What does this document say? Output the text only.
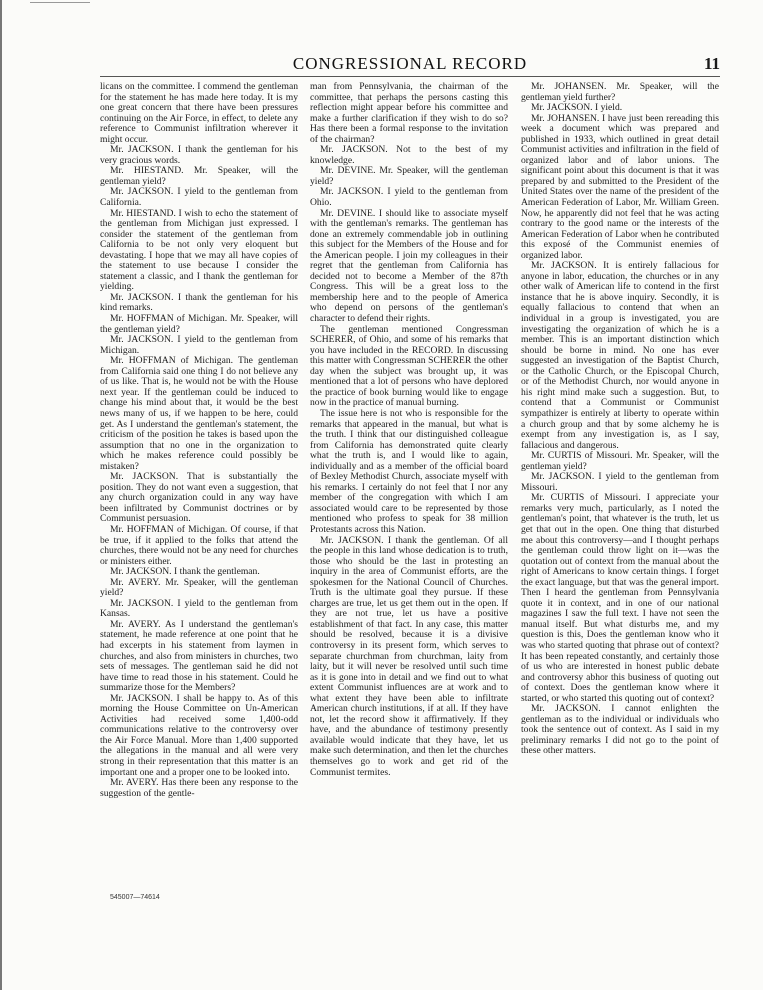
CONGRESSIONAL RECORD	11

licans on the committee. I commend the gentleman for the statement he has made here today. It is my one great concern that there have been pressures continuing on the Air Force, in effect, to delete any reference to Communist infiltration wherever it might occur.

Mr. JACKSON. I thank the gentleman for his very gracious words.

Mr. HIESTAND. Mr. Speaker, will the gentleman yield?

Mr. JACKSON. I yield to the gentleman from California.

Mr. HIESTAND. I wish to echo the statement of the gentleman from Michigan just expressed. I consider the statement of the gentleman from California to be not only very eloquent but devastating. I hope that we may all have copies of the statement to use because I consider the statement a classic, and I thank the gentleman for yielding.

Mr. JACKSON. I thank the gentleman for his kind remarks.

Mr. HOFFMAN of Michigan. Mr. Speaker, will the gentleman yield?

Mr. JACKSON. I yield to the gentleman from Michigan.

Mr. HOFFMAN of Michigan. The gentleman from California said one thing I do not believe any of us like. That is, he would not be with the House next year. If the gentleman could be induced to change his mind about that, it would be the best news many of us, if we happen to be here, could get. As I understand the gentleman's statement, the criticism of the position he takes is based upon the assumption that no one in the organization to which he makes reference could possibly be mistaken?

Mr. JACKSON. That is substantially the position. They do not want even a suggestion, that any church organization could in any way have been infiltrated by Communist doctrines or by Communist persuasion.

Mr. HOFFMAN of Michigan. Of course, if that be true, if it applied to the folks that attend the churches, there would not be any need for churches or ministers either.

Mr. JACKSON. I thank the gentleman.

Mr. AVERY. Mr. Speaker, will the gentleman yield?

Mr. JACKSON. I yield to the gentleman from Kansas.

Mr. AVERY. As I understand the gentleman's statement, he made reference at one point that he had excerpts in his statement from laymen in churches, and also from ministers in churches, two sets of messages. The gentleman said he did not have time to read those in his statement. Could he summarize those for the Members?

Mr. JACKSON. I shall be happy to. As of this morning the House Committee on Un-American Activities had received some 1,400-odd communications relative to the controversy over the Air Force Manual. More than 1,400 supported the allegations in the manual and all were very strong in their representation that this matter is an important one and a proper one to be looked into.

Mr. AVERY. Has there been any response to the suggestion of the gentle-

man from Pennsylvania, the chairman of the committee, that perhaps the persons casting this reflection might appear before his committee and make a further clarification if they wish to do so? Has there been a formal response to the invitation of the chairman?

Mr. JACKSON. Not to the best of my knowledge.

Mr. DEVINE. Mr. Speaker, will the gentleman yield?

Mr. JACKSON. I yield to the gentleman from Ohio.

Mr. DEVINE. I should like to associate myself with the gentleman's remarks. The gentleman has done an extremely commendable job in outlining this subject for the Members of the House and for the American people. I join my colleagues in their regret that the gentleman from California has decided not to become a Member of the 87th Congress. This will be a great loss to the membership here and to the people of America who depend on persons of the gentleman's character to defend their rights.

The gentleman mentioned Congressman SCHERER, of Ohio, and some of his remarks that you have included in the RECORD. In discussing this matter with Congressman SCHERER the other day when the subject was brought up, it was mentioned that a lot of persons who have deplored the practice of book burning would like to engage now in the practice of manual burning.

The issue here is not who is responsible for the remarks that appeared in the manual, but what is the truth. I think that our distinguished colleague from California has demonstrated quite clearly what the truth is, and I would like to again, individually and as a member of the official board of Bexley Methodist Church, associate myself with his remarks. I certainly do not feel that I nor any member of the congregation with which I am associated would care to be represented by those mentioned who profess to speak for 38 million Protestants across this Nation.

Mr. JACKSON. I thank the gentleman. Of all the people in this land whose dedication is to truth, those who should be the last in protesting an inquiry in the area of Communist efforts, are the spokesmen for the National Council of Churches. Truth is the ultimate goal they pursue. If these charges are true, let us get them out in the open. If they are not true, let us have a positive establishment of that fact. In any case, this matter should be resolved, because it is a divisive controversy in its present form, which serves to separate churchman from churchman, laity from laity, but it will never be resolved until such time as it is gone into in detail and we find out to what extent Communist influences are at work and to what extent they have been able to infiltrate American church institutions, if at all. If they have not, let the record show it affirmatively. If they have, and the abundance of testimony presently available would indicate that they have, let us make such determination, and then let the churches themselves go to work and get rid of the Communist termites.

Mr. JOHANSEN. Mr. Speaker, will the gentleman yield further?

Mr. JACKSON. I yield.

Mr. JOHANSEN. I have just been rereading this week a document which was prepared and published in 1933, which outlined in great detail Communist activities and infiltration in the field of organized labor and of labor unions. The significant point about this document is that it was prepared by and submitted to the President of the United States over the name of the president of the American Federation of Labor, Mr. William Green. Now, he apparently did not feel that he was acting contrary to the good name or the interests of the American Federation of Labor when he contributed this exposé of the Communist enemies of organized labor.

Mr. JACKSON. It is entirely fallacious for anyone in labor, education, the churches or in any other walk of American life to contend in the first instance that he is above inquiry. Secondly, it is equally fallacious to contend that when an individual in a group is investigated, you are investigating the organization of which he is a member. This is an important distinction which should be borne in mind. No one has ever suggested an investigation of the Baptist Church, or the Catholic Church, or the Episcopal Church, or of the Methodist Church, nor would anyone in his right mind make such a suggestion. But, to contend that a Communist or Communist sympathizer is entirely at liberty to operate within a church group and that by some alchemy he is exempt from any investigation is, as I say, fallacious and dangerous.

Mr. CURTIS of Missouri. Mr. Speaker, will the gentleman yield?

Mr. JACKSON. I yield to the gentleman from Missouri.

Mr. CURTIS of Missouri. I appreciate your remarks very much, particularly, as I noted the gentleman's point, that whatever is the truth, let us get that out in the open. One thing that disturbed me about this controversy—and I thought perhaps the gentleman could throw light on it—was the quotation out of context from the manual about the right of Americans to know certain things. I forget the exact language, but that was the general import. Then I heard the gentleman from Pennsylvania quote it in context, and in one of our national magazines I saw the full text. I have not seen the manual itself. But what disturbs me, and my question is this, Does the gentleman know who it was who started quoting that phrase out of context? It has been repeated constantly, and certainly those of us who are interested in honest public debate and controversy abhor this business of quoting out of context. Does the gentleman know where it started, or who started this quoting out of context?

Mr. JACKSON. I cannot enlighten the gentleman as to the individual or individuals who took the sentence out of context. As I said in my preliminary remarks I did not go to the point of these other matters.

545007—74614
